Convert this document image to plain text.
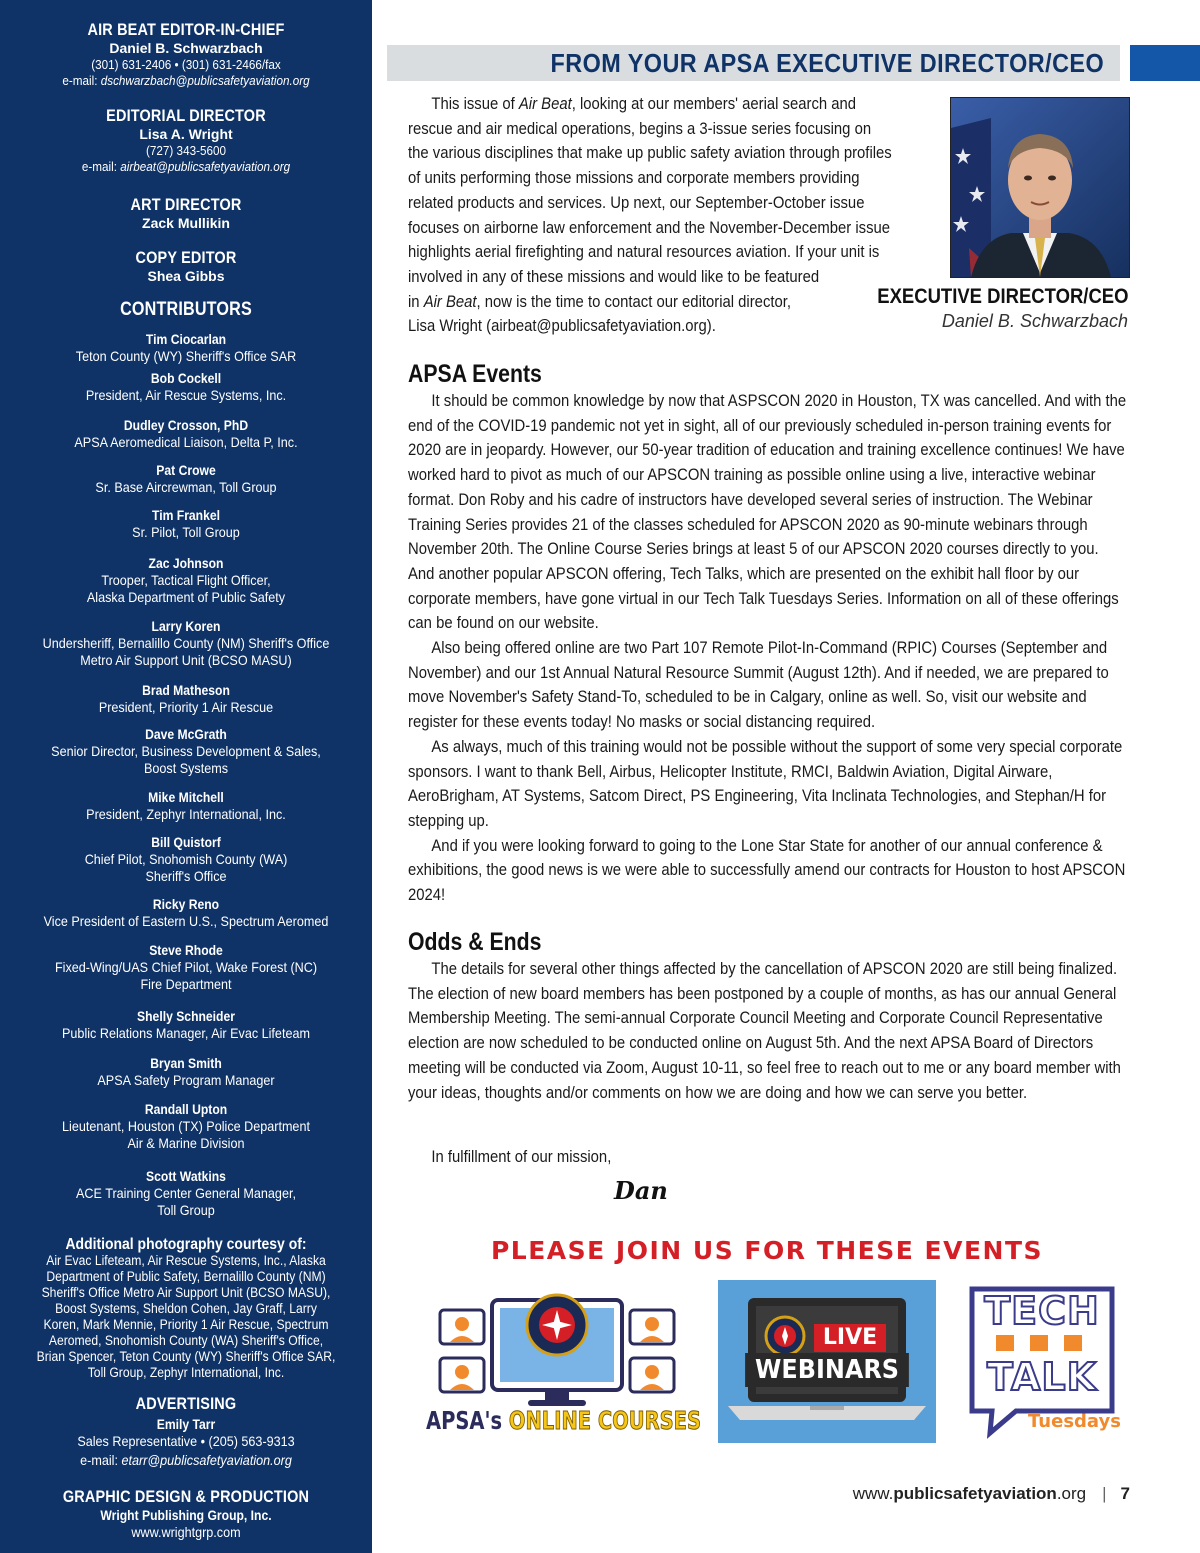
AIR BEAT EDITOR-IN-CHIEF
Daniel B. Schwarzbach
(301) 631-2406 • (301) 631-2466/fax
e-mail: dschwarzbach@publicsafetyaviation.org
EDITORIAL DIRECTOR
Lisa A. Wright
(727) 343-5600
e-mail: airbeat@publicsafetyaviation.org
ART DIRECTOR
Zack Mullikin
COPY EDITOR
Shea Gibbs
CONTRIBUTORS
Tim Ciocarlan
Teton County (WY) Sheriff's Office SAR
Bob Cockell
President, Air Rescue Systems, Inc.
Dudley Crosson, PhD
APSA Aeromedical Liaison, Delta P, Inc.
Pat Crowe
Sr. Base Aircrewman, Toll Group
Tim Frankel
Sr. Pilot, Toll Group
Zac Johnson
Trooper, Tactical Flight Officer,
Alaska Department of Public Safety
Larry Koren
Undersheriff, Bernalillo County (NM) Sheriff's Office
Metro Air Support Unit (BCSO MASU)
Brad Matheson
President, Priority 1 Air Rescue
Dave McGrath
Senior Director, Business Development & Sales,
Boost Systems
Mike Mitchell
President, Zephyr International, Inc.
Bill Quistorf
Chief Pilot, Snohomish County (WA)
Sheriff's Office
Ricky Reno
Vice President of Eastern U.S., Spectrum Aeromed
Steve Rhode
Fixed-Wing/UAS Chief Pilot, Wake Forest (NC)
Fire Department
Shelly Schneider
Public Relations Manager, Air Evac Lifeteam
Bryan Smith
APSA Safety Program Manager
Randall Upton
Lieutenant, Houston (TX) Police Department
Air & Marine Division
Scott Watkins
ACE Training Center General Manager,
Toll Group
Additional photography courtesy of:
Air Evac Lifeteam, Air Rescue Systems, Inc., Alaska
Department of Public Safety, Bernalillo County (NM)
Sheriff's Office Metro Air Support Unit (BCSO MASU),
Boost Systems, Sheldon Cohen, Jay Graff, Larry
Koren, Mark Mennie, Priority 1 Air Rescue, Spectrum
Aeromed, Snohomish County (WA) Sheriff's Office,
Brian Spencer, Teton County (WY) Sheriff's Office SAR,
Toll Group, Zephyr International, Inc.
ADVERTISING
Emily Tarr
Sales Representative • (205) 563-9313
e-mail: etarr@publicsafetyaviation.org
GRAPHIC DESIGN & PRODUCTION
Wright Publishing Group, Inc.
www.wrightgrp.com
FROM YOUR APSA EXECUTIVE DIRECTOR/CEO

This issue of Air Beat, looking at our members' aerial search and

rescue and air medical operations, begins a 3-issue series focusing on

the various disciplines that make up public safety aviation through profiles

of units performing those missions and corporate members providing

related products and services. Up next, our September-October issue

focuses on airborne law enforcement and the November-December issue

highlights aerial firefighting and natural resources aviation. If your unit is

involved in any of these missions and would like to be featured

in Air Beat, now is the time to contact our editorial director,

Lisa Wright (airbeat@publicsafetyaviation.org).

EXECUTIVE DIRECTOR/CEO
Daniel B. Schwarzbach
APSA Events

It should be common knowledge by now that ASPSCON 2020 in Houston, TX was cancelled. And with the end of the COVID-19 pandemic not yet in sight, all of our previously scheduled in-person training events for 2020 are in jeopardy. However, our 50-year tradition of education and training excellence continues! We have worked hard to pivot as much of our APSCON training as possible online using a live, interactive webinar format. Don Roby and his cadre of instructors have developed several series of instruction. The Webinar Training Series provides 21 of the classes scheduled for APSCON 2020 as 90-minute webinars through November 20th. The Online Course Series brings at least 5 of our APSCON 2020 courses directly to you. And another popular APSCON offering, Tech Talks, which are presented on the exhibit hall floor by our corporate members, have gone virtual in our Tech Talk Tuesdays Series. Information on all of these offerings can be found on our website.

Also being offered online are two Part 107 Remote Pilot-In-Command (RPIC) Courses (September and November) and our 1st Annual Natural Resource Summit (August 12th). And if needed, we are prepared to move November's Safety Stand-To, scheduled to be in Calgary, online as well. So, visit our website and register for these events today! No masks or social distancing required.

As always, much of this training would not be possible without the support of some very special corporate sponsors. I want to thank Bell, Airbus, Helicopter Institute, RMCI, Baldwin Aviation, Digital Airware, AeroBrigham, AT Systems, Satcom Direct, PS Engineering, Vita Inclinata Technologies, and Stephan/H for stepping up.

And if you were looking forward to going to the Lone Star State for another of our annual conference & exhibitions, the good news is we were able to successfully amend our contracts for Houston to host APSCON 2024!

Odds & Ends

The details for several other things affected by the cancellation of APSCON 2020 are still being finalized. The election of new board members has been postponed by a couple of months, as has our annual General Membership Meeting. The semi-annual Corporate Council Meeting and Corporate Council Representative election are now scheduled to be conducted online on August 5th. And the next APSA Board of Directors meeting will be conducted via Zoom, August 10-11, so feel free to reach out to me or any board member with your ideas, thoughts and/or comments on how we are doing and how we can serve you better.

In fulfillment of our mission,

Dan
PLEASE JOIN US FOR THESE EVENTS
APSA's ONLINE COURSES
LIVE
WEBINARS
TECH
TALK
Tuesdays
www.publicsafetyaviation.org | 7
